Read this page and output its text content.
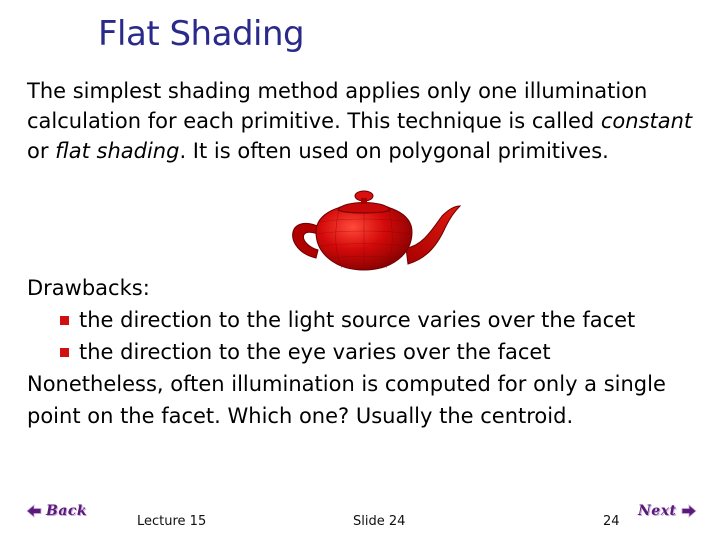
Flat Shading

The simplest shading method applies only one illumination calculation for each primitive. This technique is called constant or flat shading. It is often used on polygonal primitives.

Drawbacks:
the direction to the light source varies over the facet
the direction to the eye varies over the facet
Nonetheless, often illumination is computed for only a single point on the facet. Which one? Usually the centroid.
Back
Lecture 15	Slide 24	24
Next
